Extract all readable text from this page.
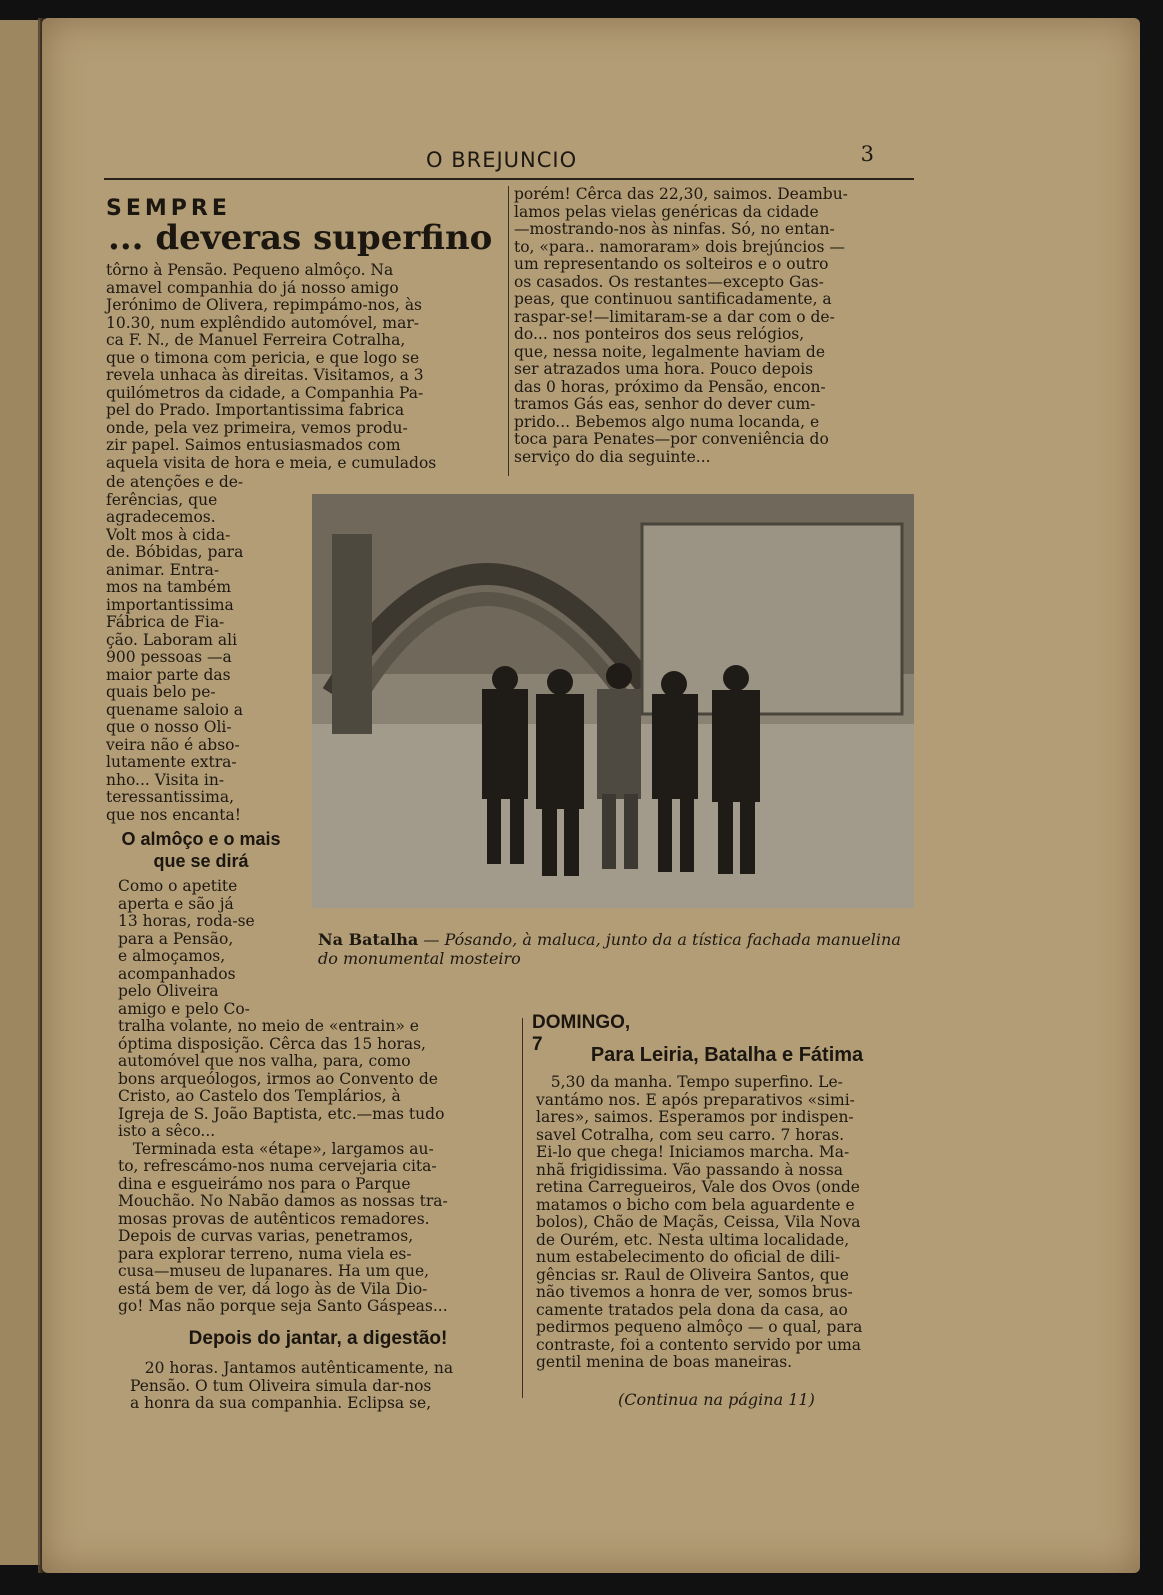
O BREJUNCIO	3
SEMPRE
... deveras superfino
tôrno à Pensão. Pequeno almôço. Na
amavel companhia do já nosso amigo
Jerónimo de Olivera, repimpámo-nos, às
10.30, num explêndido automóvel, mar-
ca F. N., de Manuel Ferreira Cotralha,
que o timona com pericia, e que logo se
revela unhaca às direitas. Visitamos, a 3
quilómetros da cidade, a Companhia Pa-
pel do Prado. Importantissima fabrica
onde, pela vez primeira, vemos produ-
zir papel. Saimos entusiasmados com
aquela visita de hora e meia, e cumulados
de atenções e de-
ferências, que
agradecemos.
Volt mos à cida-
de. Bóbidas, para
animar. Entra-
mos na também
importantissima
Fábrica de Fia-
ção. Laboram ali
900 pessoas —a
maior parte das
quais belo pe-
quename saloio a
que o nosso Oli-
veira não é abso-
lutamente extra-
nho... Visita in-
teressantissima,
que nos encanta!
O almôço e o mais
que se dirá
Como o apetite
aperta e são já
13 horas, roda-se
para a Pensão,
e almoçamos,
acompanhados
pelo Oliveira
amigo e pelo Co-
tralha volante, no meio de «entrain» e
óptima disposição. Cêrca das 15 horas,
automóvel que nos valha, para, como
bons arqueólogos, irmos ao Convento de
Cristo, ao Castelo dos Templários, à
Igreja de S. João Baptista, etc.—mas tudo
isto a sêco...
Terminada esta «étape», largamos au-
to, refrescámo-nos numa cervejaria cita-
dina e esgueirámo nos para o Parque
Mouchão. No Nabão damos as nossas tra-
mosas provas de autênticos remadores.
Depois de curvas varias, penetramos,
para explorar terreno, numa viela es-
cusa—museu de lupanares. Ha um que,
está bem de ver, dá logo às de Vila Dio-
go! Mas não porque seja Santo Gáspeas...
Depois do jantar, a digestão!
20 horas. Jantamos autênticamente, na
Pensão. O tum Oliveira simula dar-nos
a honra da sua companhia. Eclipsa se,
porém! Cêrca das 22,30, saimos. Deambu-
lamos pelas vielas genéricas da cidade
—mostrando-nos às ninfas. Só, no entan-
to, «para.. namoraram» dois brejúncios —
um representando os solteiros e o outro
os casados. Os restantes—excepto Gas-
peas, que continuou santificadamente, a
raspar-se!—limitaram-se a dar com o de-
do... nos ponteiros dos seus relógios,
que, nessa noite, legalmente haviam de
ser atrazados uma hora. Pouco depois
das 0 horas, próximo da Pensão, encon-
tramos Gás eas, senhor do dever cum-
prido... Bebemos algo numa locanda, e
toca para Penates—por conveniência do
serviço do dia seguinte...
Na Batalha — Pósando, à maluca, junto da a tística fachada manuelina do monumental mosteiro
DOMINGO, 7	Para Leiria, Batalha e Fátima
5,30 da manha. Tempo superfino. Le-
vantámo nos. E após preparativos «simi-
lares», saimos. Esperamos por indispen-
savel Cotralha, com seu carro. 7 horas.
Ei-lo que chega! Iniciamos marcha. Ma-
nhã frigidissima. Vão passando à nossa
retina Carregueiros, Vale dos Ovos (onde
matamos o bicho com bela aguardente e
bolos), Chão de Maçãs, Ceissa, Vila Nova
de Ourém, etc. Nesta ultima localidade,
num estabelecimento do oficial de dili-
gências sr. Raul de Oliveira Santos, que
não tivemos a honra de ver, somos brus-
camente tratados pela dona da casa, ao
pedirmos pequeno almôço — o qual, para
contraste, foi a contento servido por uma
gentil menina de boas maneiras.
(Continua na página 11)
